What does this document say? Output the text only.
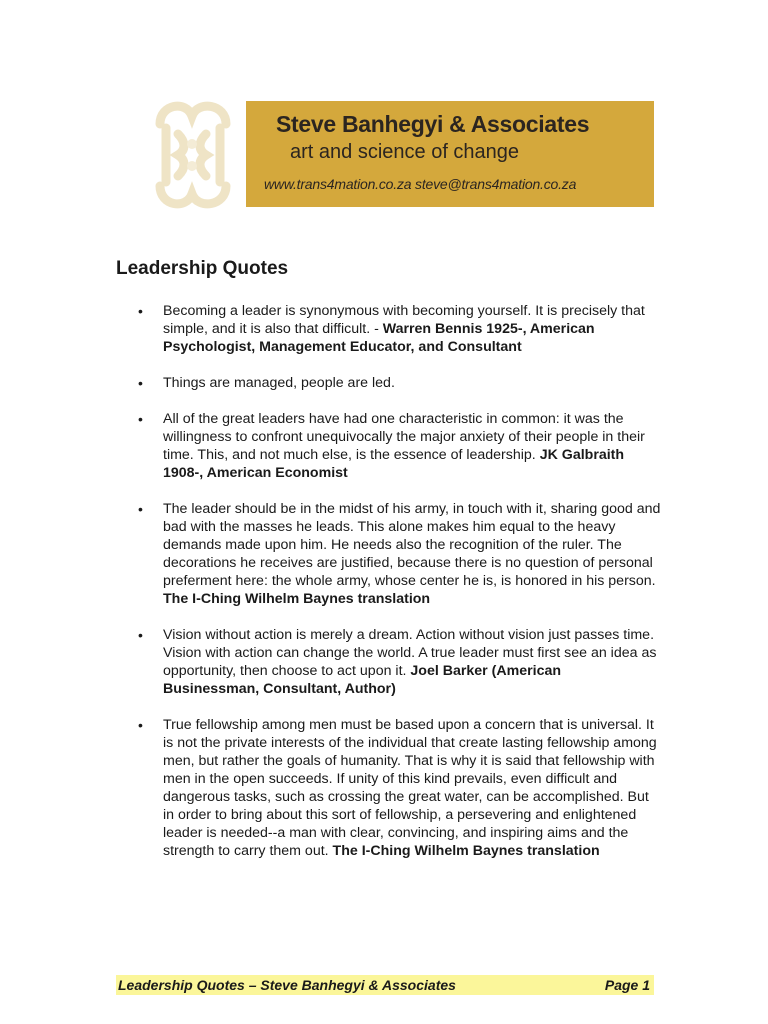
Steve Banhegyi & Associates
art and science of change
www.trans4mation.co.za steve@trans4mation.co.za
Leadership Quotes
• Becoming a leader is synonymous with becoming yourself. It is precisely that simple, and it is also that difficult. - Warren Bennis 1925-, American Psychologist, Management Educator, and Consultant
• Things are managed, people are led.
• All of the great leaders have had one characteristic in common: it was the willingness to confront unequivocally the major anxiety of their people in their time. This, and not much else, is the essence of leadership. JK Galbraith 1908-, American Economist
• The leader should be in the midst of his army, in touch with it, sharing good and bad with the masses he leads. This alone makes him equal to the heavy demands made upon him. He needs also the recognition of the ruler. The decorations he receives are justified, because there is no question of personal preferment here: the whole army, whose center he is, is honored in his person. The I-Ching Wilhelm Baynes translation
• Vision without action is merely a dream. Action without vision just passes time. Vision with action can change the world. A true leader must first see an idea as opportunity, then choose to act upon it. Joel Barker (American Businessman, Consultant, Author)
• True fellowship among men must be based upon a concern that is universal. It is not the private interests of the individual that create lasting fellowship among men, but rather the goals of humanity. That is why it is said that fellowship with men in the open succeeds. If unity of this kind prevails, even difficult and dangerous tasks, such as crossing the great water, can be accomplished. But in order to bring about this sort of fellowship, a persevering and enlightened leader is needed--a man with clear, convincing, and inspiring aims and the strength to carry them out. The I-Ching Wilhelm Baynes translation
Leadership Quotes – Steve Banhegyi & Associates	Page 1
